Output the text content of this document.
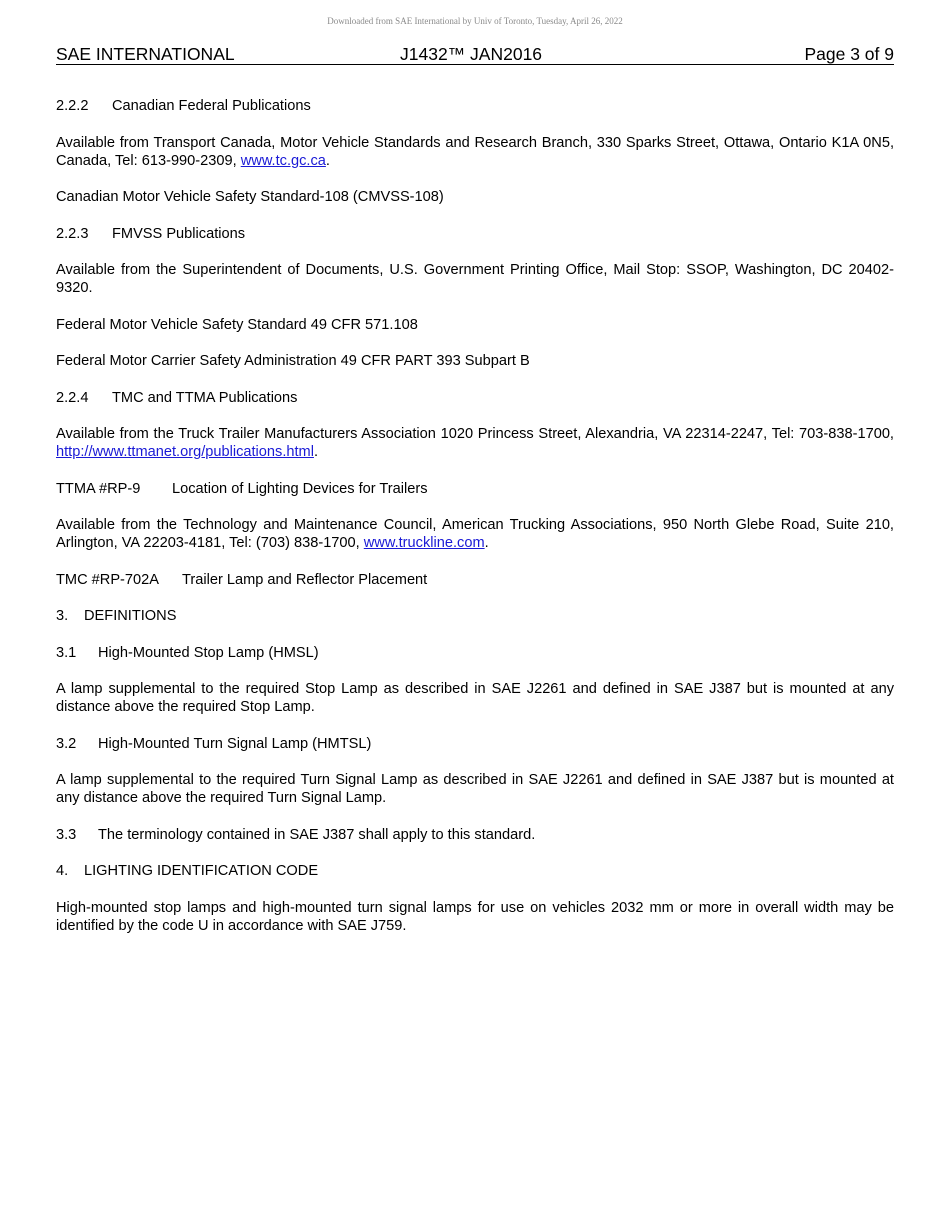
Downloaded from SAE International by Univ of Toronto, Tuesday, April 26, 2022
SAE INTERNATIONAL	J1432™ JAN2016	Page 3 of 9

2.2.2 Canadian Federal Publications

Available from Transport Canada, Motor Vehicle Standards and Research Branch, 330 Sparks Street, Ottawa, Ontario K1A 0N5, Canada, Tel: 613-990-2309, www.tc.gc.ca.

Canadian Motor Vehicle Safety Standard-108 (CMVSS-108)

2.2.3 FMVSS Publications

Available from the Superintendent of Documents, U.S. Government Printing Office, Mail Stop: SSOP, Washington, DC 20402-9320.

Federal Motor Vehicle Safety Standard 49 CFR 571.108

Federal Motor Carrier Safety Administration 49 CFR PART 393 Subpart B

2.2.4 TMC and TTMA Publications

Available from the Truck Trailer Manufacturers Association 1020 Princess Street, Alexandria, VA 22314-2247, Tel: 703-838-1700, http://www.ttmanet.org/publications.html.

TTMA #RP-9 Location of Lighting Devices for Trailers

Available from the Technology and Maintenance Council, American Trucking Associations, 950 North Glebe Road, Suite 210, Arlington, VA 22203-4181, Tel: (703) 838-1700, www.truckline.com.

TMC #RP-702A Trailer Lamp and Reflector Placement

3. DEFINITIONS

3.1 High-Mounted Stop Lamp (HMSL)

A lamp supplemental to the required Stop Lamp as described in SAE J2261 and defined in SAE J387 but is mounted at any distance above the required Stop Lamp.

3.2 High-Mounted Turn Signal Lamp (HMTSL)

A lamp supplemental to the required Turn Signal Lamp as described in SAE J2261 and defined in SAE J387 but is mounted at any distance above the required Turn Signal Lamp.

3.3 The terminology contained in SAE J387 shall apply to this standard.

4. LIGHTING IDENTIFICATION CODE

High-mounted stop lamps and high-mounted turn signal lamps for use on vehicles 2032 mm or more in overall width may be identified by the code U in accordance with SAE J759.
